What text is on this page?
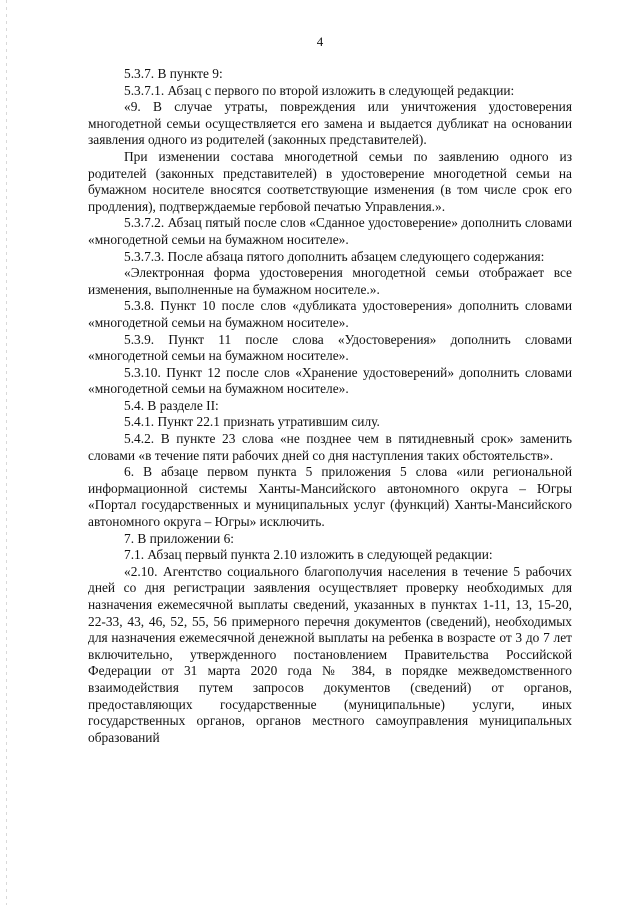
4

5.3.7. В пункте 9:

5.3.7.1. Абзац с первого по второй изложить в следующей редакции:

«9. В случае утраты, повреждения или уничтожения удостоверения многодетной семьи осуществляется его замена и выдается дубликат на основании заявления одного из родителей (законных представителей).

При изменении состава многодетной семьи по заявлению одного из родителей (законных представителей) в удостоверение многодетной семьи на бумажном носителе вносятся соответствующие изменения (в том числе срок его продления), подтверждаемые гербовой печатью Управления.».

5.3.7.2. Абзац пятый после слов «Сданное удостоверение» дополнить словами «многодетной семьи на бумажном носителе».

5.3.7.3. После абзаца пятого дополнить абзацем следующего содержания:

«Электронная форма удостоверения многодетной семьи отображает все изменения, выполненные на бумажном носителе.».

5.3.8. Пункт 10 после слов «дубликата удостоверения» дополнить словами «многодетной семьи на бумажном носителе».

5.3.9. Пункт 11 после слова «Удостоверения» дополнить словами «многодетной семьи на бумажном носителе».

5.3.10. Пункт 12 после слов «Хранение удостоверений» дополнить словами «многодетной семьи на бумажном носителе».

5.4. В разделе II:

5.4.1. Пункт 22.1 признать утратившим силу.

5.4.2. В пункте 23 слова «не позднее чем в пятидневный срок» заменить словами «в течение пяти рабочих дней со дня наступления таких обстоятельств».

6. В абзаце первом пункта 5 приложения 5 слова «или региональной информационной системы Ханты-Мансийского автономного округа – Югры «Портал государственных и муниципальных услуг (функций) Ханты-Мансийского автономного округа – Югры» исключить.

7. В приложении 6:

7.1. Абзац первый пункта 2.10 изложить в следующей редакции:

«2.10. Агентство социального благополучия населения в течение 5 рабочих дней со дня регистрации заявления осуществляет проверку необходимых для назначения ежемесячной выплаты сведений, указанных в пунктах 1-11, 13, 15-20, 22-33, 43, 46, 52, 55, 56 примерного перечня документов (сведений), необходимых для назначения ежемесячной денежной выплаты на ребенка в возрасте от 3 до 7 лет включительно, утвержденного постановлением Правительства Российской Федерации от 31 марта 2020 года № 384, в порядке межведомственного взаимодействия путем запросов документов (сведений) от органов, предоставляющих государственные (муниципальные) услуги, иных государственных органов, органов местного самоуправления муниципальных образований
